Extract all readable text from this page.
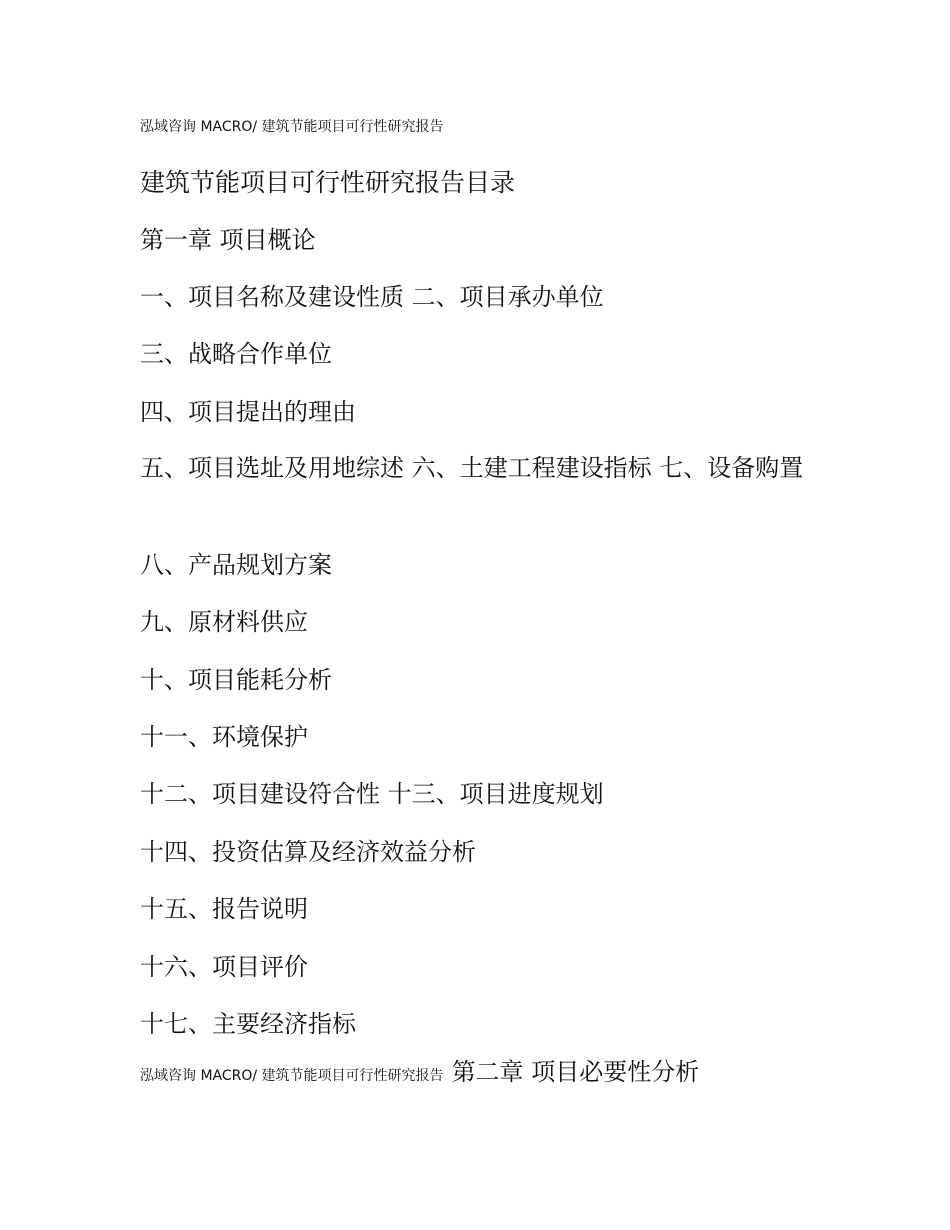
泓域咨询 MACRO/ 建筑节能项目可行性研究报告
建筑节能项目可行性研究报告目录
第一章 项目概论
一、项目名称及建设性质 二、项目承办单位
三、战略合作单位
四、项目提出的理由
五、项目选址及用地综述 六、土建工程建设指标 七、设备购置
八、产品规划方案
九、原材料供应
十、项目能耗分析
十一、环境保护
十二、项目建设符合性 十三、项目进度规划
十四、投资估算及经济效益分析
十五、报告说明
十六、项目评价
十七、主要经济指标
泓域咨询 MACRO/ 建筑节能项目可行性研究报告 第二章 项目必要性分析
